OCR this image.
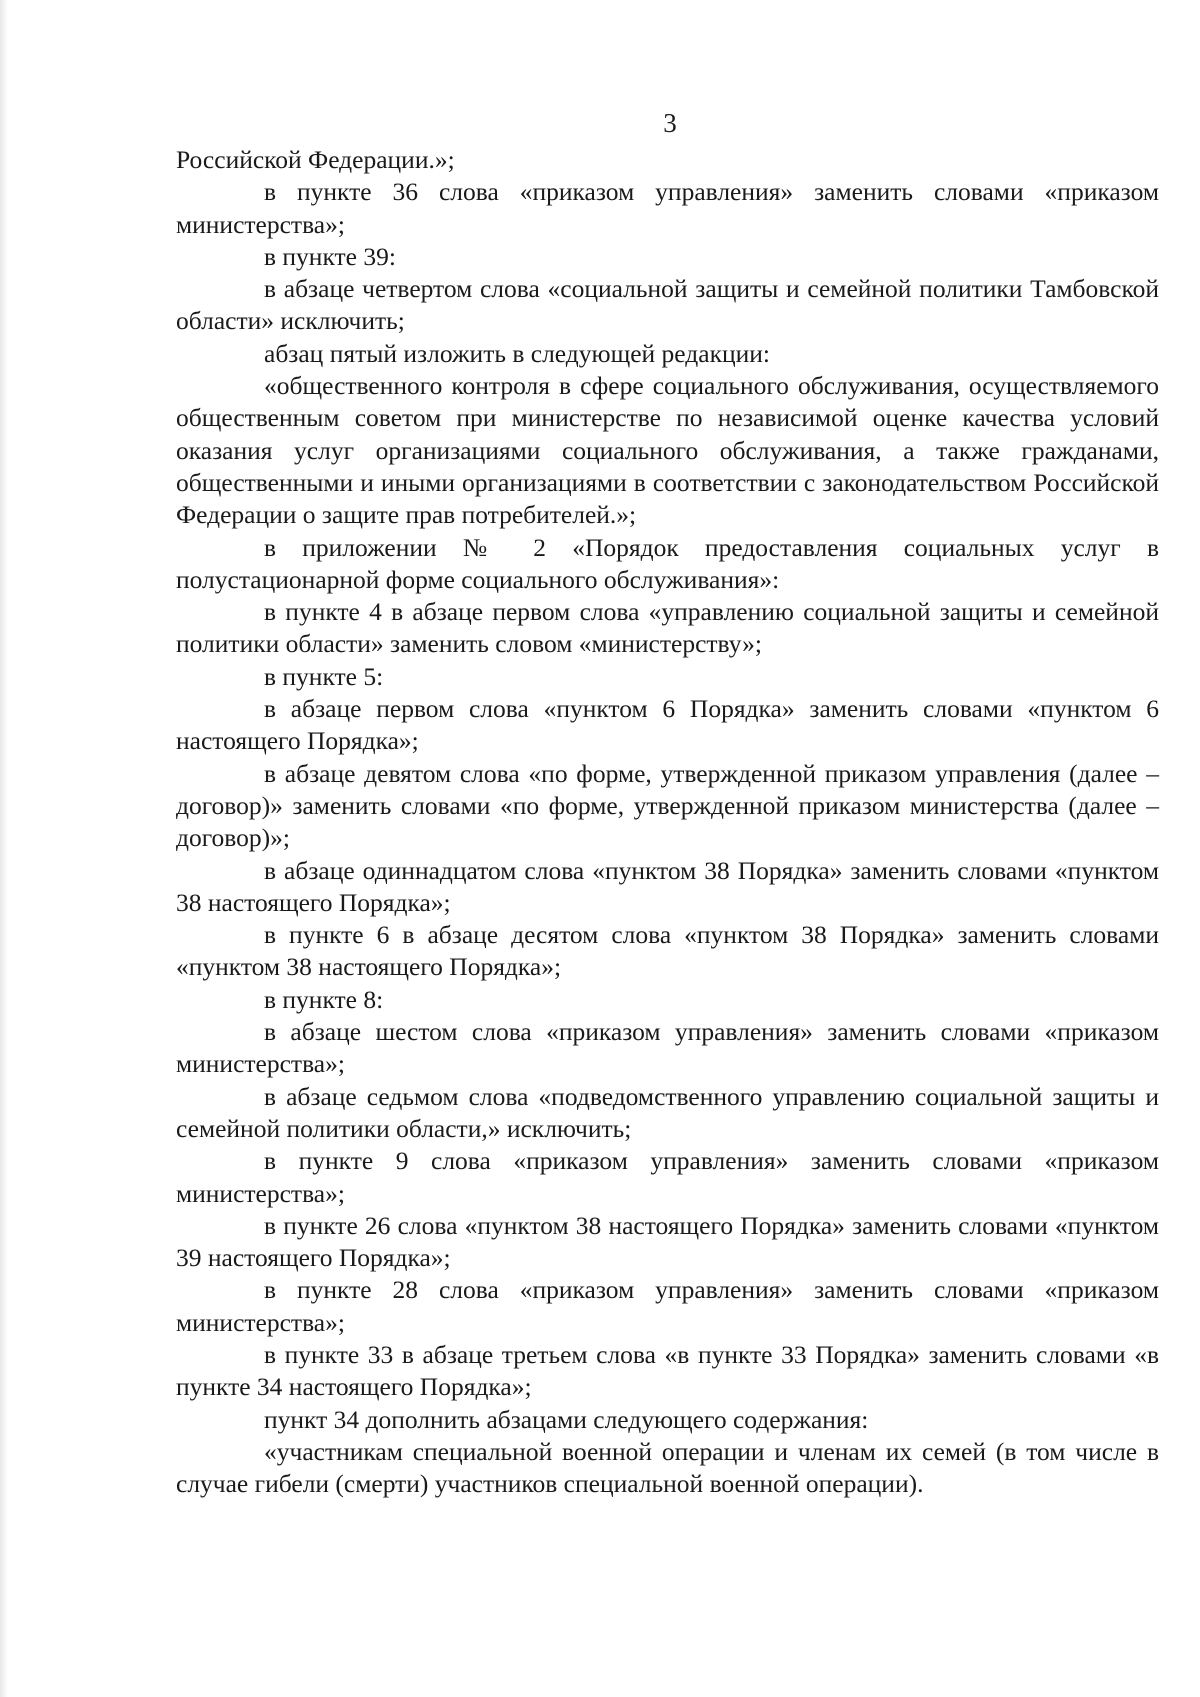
3

Российской Федерации.»;

в пункте 36 слова «приказом управления» заменить словами «приказом министерства»;

в пункте 39:

в абзаце четвертом слова «социальной защиты и семейной политики Тамбовской области» исключить;

абзац пятый изложить в следующей редакции:

«общественного контроля в сфере социального обслуживания, осуществляемого общественным советом при министерстве по независимой оценке качества условий оказания услуг организациями социального обслуживания, а также гражданами, общественными и иными организациями в соответствии с законодательством Российской Федерации о защите прав потребителей.»;

в приложении № 2 «Порядок предоставления социальных услуг в полустационарной форме социального обслуживания»:

в пункте 4 в абзаце первом слова «управлению социальной защиты и семейной политики области» заменить словом «министерству»;

в пункте 5:

в абзаце первом слова «пунктом 6 Порядка» заменить словами «пунктом 6 настоящего Порядка»;

в абзаце девятом слова «по форме, утвержденной приказом управления (далее – договор)» заменить словами «по форме, утвержденной приказом министерства (далее – договор)»;

в абзаце одиннадцатом слова «пунктом 38 Порядка» заменить словами «пунктом 38 настоящего Порядка»;

в пункте 6 в абзаце десятом слова «пунктом 38 Порядка» заменить словами «пунктом 38 настоящего Порядка»;

в пункте 8:

в абзаце шестом слова «приказом управления» заменить словами «приказом министерства»;

в абзаце седьмом слова «подведомственного управлению социальной защиты и семейной политики области,» исключить;

в пункте 9 слова «приказом управления» заменить словами «приказом министерства»;

в пункте 26 слова «пунктом 38 настоящего Порядка» заменить словами «пунктом 39 настоящего Порядка»;

в пункте 28 слова «приказом управления» заменить словами «приказом министерства»;

в пункте 33 в абзаце третьем слова «в пункте 33 Порядка» заменить словами «в пункте 34 настоящего Порядка»;

пункт 34 дополнить абзацами следующего содержания:

«участникам специальной военной операции и членам их семей (в том числе в случае гибели (смерти) участников специальной военной операции).
